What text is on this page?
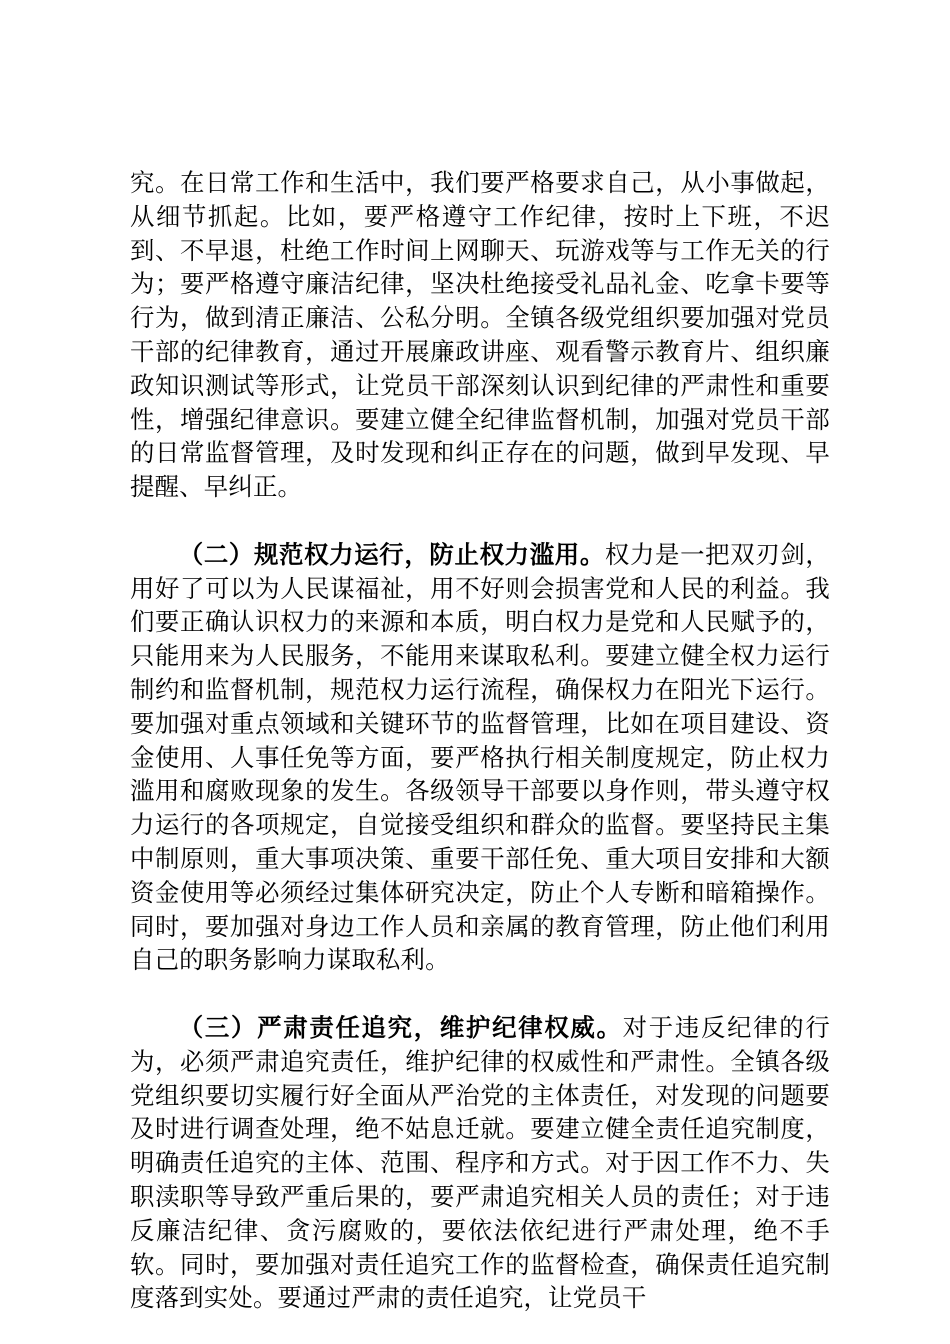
究。在日常工作和生活中，我们要严格要求自己，从小事做起，从细节抓起。比如，要严格遵守工作纪律，按时上下班，不迟到、不早退，杜绝工作时间上网聊天、玩游戏等与工作无关的行为；要严格遵守廉洁纪律，坚决杜绝接受礼品礼金、吃拿卡要等行为，做到清正廉洁、公私分明。全镇各级党组织要加强对党员干部的纪律教育，通过开展廉政讲座、观看警示教育片、组织廉政知识测试等形式，让党员干部深刻认识到纪律的严肃性和重要性，增强纪律意识。要建立健全纪律监督机制，加强对党员干部的日常监督管理，及时发现和纠正存在的问题，做到早发现、早提醒、早纠正。

（二）规范权力运行，防止权力滥用。权力是一把双刃剑，用好了可以为人民谋福祉，用不好则会损害党和人民的利益。我们要正确认识权力的来源和本质，明白权力是党和人民赋予的，只能用来为人民服务，不能用来谋取私利。要建立健全权力运行制约和监督机制，规范权力运行流程，确保权力在阳光下运行。要加强对重点领域和关键环节的监督管理，比如在项目建设、资金使用、人事任免等方面，要严格执行相关制度规定，防止权力滥用和腐败现象的发生。各级领导干部要以身作则，带头遵守权力运行的各项规定，自觉接受组织和群众的监督。要坚持民主集中制原则，重大事项决策、重要干部任免、重大项目安排和大额资金使用等必须经过集体研究决定，防止个人专断和暗箱操作。同时，要加强对身边工作人员和亲属的教育管理，防止他们利用自己的职务影响力谋取私利。

（三）严肃责任追究，维护纪律权威。对于违反纪律的行为，必须严肃追究责任，维护纪律的权威性和严肃性。全镇各级党组织要切实履行好全面从严治党的主体责任，对发现的问题要及时进行调查处理，绝不姑息迁就。要建立健全责任追究制度，明确责任追究的主体、范围、程序和方式。对于因工作不力、失职渎职等导致严重后果的，要严肃追究相关人员的责任；对于违反廉洁纪律、贪污腐败的，要依法依纪进行严肃处理，绝不手软。同时，要加强对责任追究工作的监督检查，确保责任追究制度落到实处。要通过严肃的责任追究，让党员干
